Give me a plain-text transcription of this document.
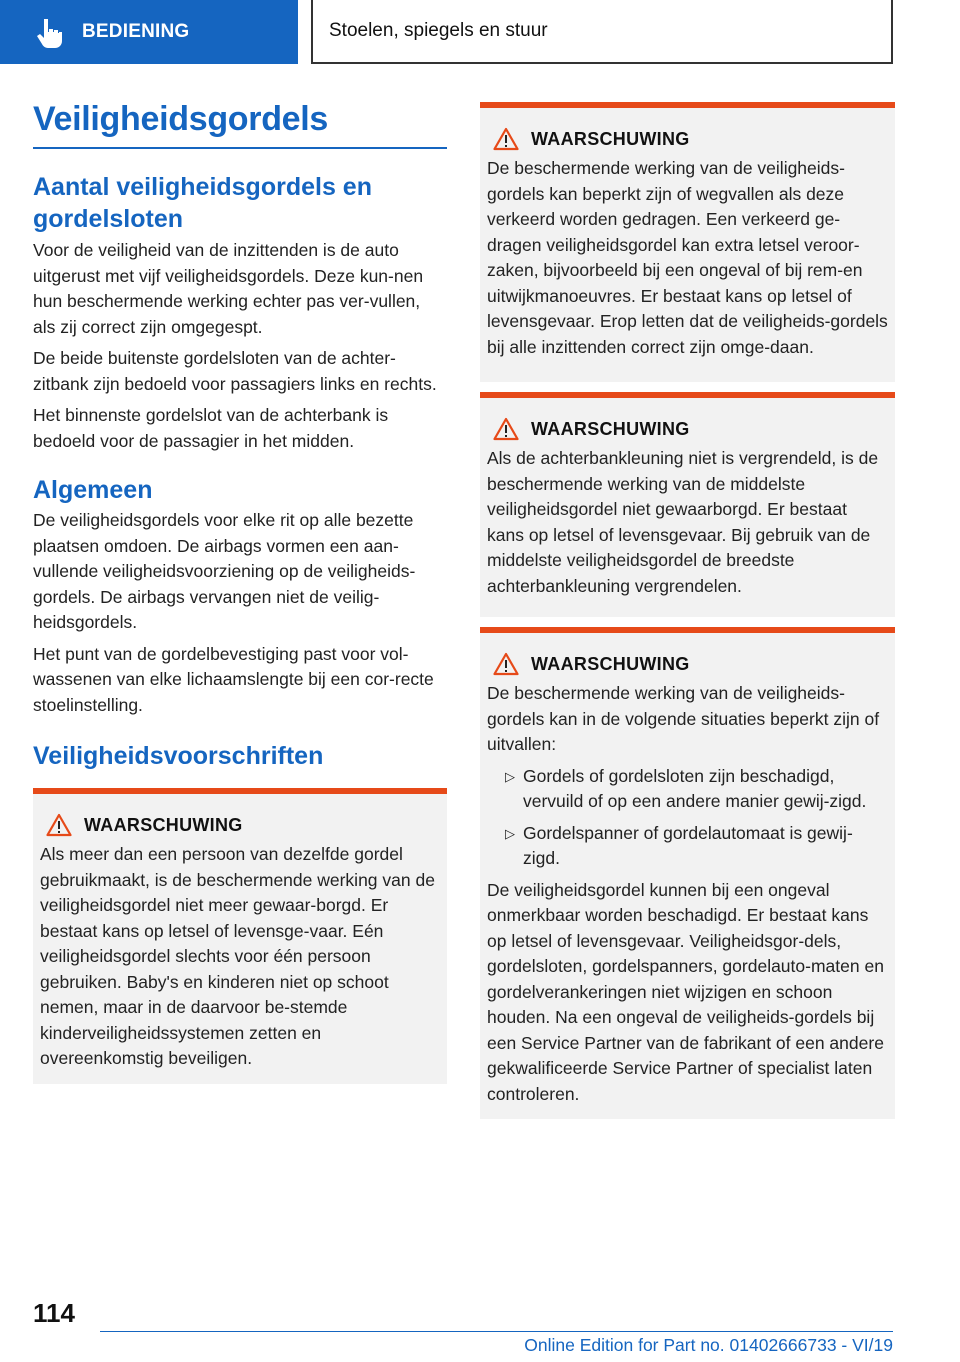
BEDIENING	Stoelen, spiegels en stuur
Veiligheidsgordels
Aantal veiligheidsgordels en gordelsloten

Voor de veiligheid van de inzittenden is de auto uitgerust met vijf veiligheidsgordels. Deze kun-nen hun beschermende werking echter pas ver-vullen, als zij correct zijn omgegespt.

De beide buitenste gordelsloten van de achter-zitbank zijn bedoeld voor passagiers links en rechts.

Het binnenste gordelslot van de achterbank is bedoeld voor de passagier in het midden.

Algemeen

De veiligheidsgordels voor elke rit op alle bezette plaatsen omdoen. De airbags vormen een aan-vullende veiligheidsvoorziening op de veiligheids-gordels. De airbags vervangen niet de veilig-heidsgordels.

Het punt van de gordelbevestiging past voor vol-wassenen van elke lichaamslengte bij een cor-recte stoelinstelling.

Veiligheidsvoorschriften
WAARSCHUWING

Als meer dan een persoon van dezelfde gordel gebruikmaakt, is de beschermende werking van de veiligheidsgordel niet meer gewaar-borgd. Er bestaat kans op letsel of levensge-vaar. Eén veiligheidsgordel slechts voor één persoon gebruiken. Baby's en kinderen niet op schoot nemen, maar in de daarvoor be-stemde kinderveiligheidssystemen zetten en overeenkomstig beveiligen.

WAARSCHUWING

De beschermende werking van de veiligheids-gordels kan beperkt zijn of wegvallen als deze verkeerd worden gedragen. Een verkeerd ge-dragen veiligheidsgordel kan extra letsel veroor-zaken, bijvoorbeeld bij een ongeval of bij rem-en uitwijkmanoeuvres. Er bestaat kans op letsel of levensgevaar. Erop letten dat de veiligheids-gordels bij alle inzittenden correct zijn omge-daan.

WAARSCHUWING

Als de achterbankleuning niet is vergrendeld, is de beschermende werking van de middelste veiligheidsgordel niet gewaarborgd. Er bestaat kans op letsel of levensgevaar. Bij gebruik van de middelste veiligheidsgordel de breedste achterbankleuning vergrendelen.

WAARSCHUWING

De beschermende werking van de veiligheids-gordels kan in de volgende situaties beperkt zijn of uitvallen:

▷ Gordels of gordelsloten zijn beschadigd, vervuild of op een andere manier gewij-zigd.

▷ Gordelspanner of gordelautomaat is gewij-zigd.

De veiligheidsgordel kunnen bij een ongeval onmerkbaar worden beschadigd. Er bestaat kans op letsel of levensgevaar. Veiligheidsgor-dels, gordelsloten, gordelspanners, gordelauto-maten en gordelverankeringen niet wijzigen en schoon houden. Na een ongeval de veiligheids-gordels bij een Service Partner van de fabrikant of een andere gekwalificeerde Service Partner of specialist laten controleren.

114
Online Edition for Part no. 01402666733 - VI/19
